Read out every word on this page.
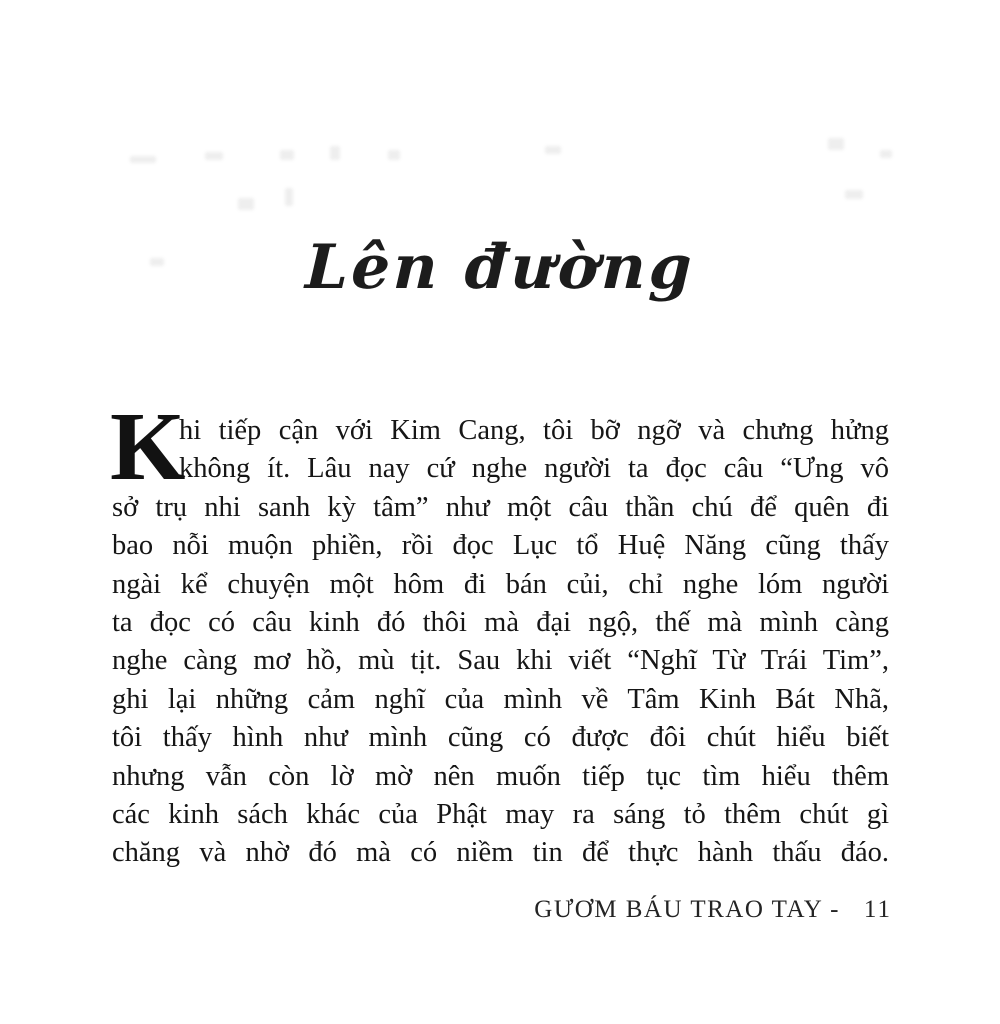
Lên đường
K
hi tiếp cận với Kim Cang, tôi bỡ ngỡ và chưng hửng
không ít. Lâu nay cứ nghe người ta đọc câu “Ưng vô
sở trụ nhi sanh kỳ tâm” như một câu thần chú để quên đi
bao nỗi muộn phiền, rồi đọc Lục tổ Huệ Năng cũng thấy
ngài kể chuyện một hôm đi bán củi, chỉ nghe lóm người
ta đọc có câu kinh đó thôi mà đại ngộ, thế mà mình càng
nghe càng mơ hồ, mù tịt. Sau khi viết “Nghĩ Từ Trái Tim”,
ghi lại những cảm nghĩ của mình về Tâm Kinh Bát Nhã,
tôi thấy hình như mình cũng có được đôi chút hiểu biết
nhưng vẫn còn lờ mờ nên muốn tiếp tục tìm hiểu thêm
các kinh sách khác của Phật may ra sáng tỏ thêm chút gì
chăng và nhờ đó mà có niềm tin để thực hành thấu đáo.
GƯƠM BÁU TRAO TAY - 11
